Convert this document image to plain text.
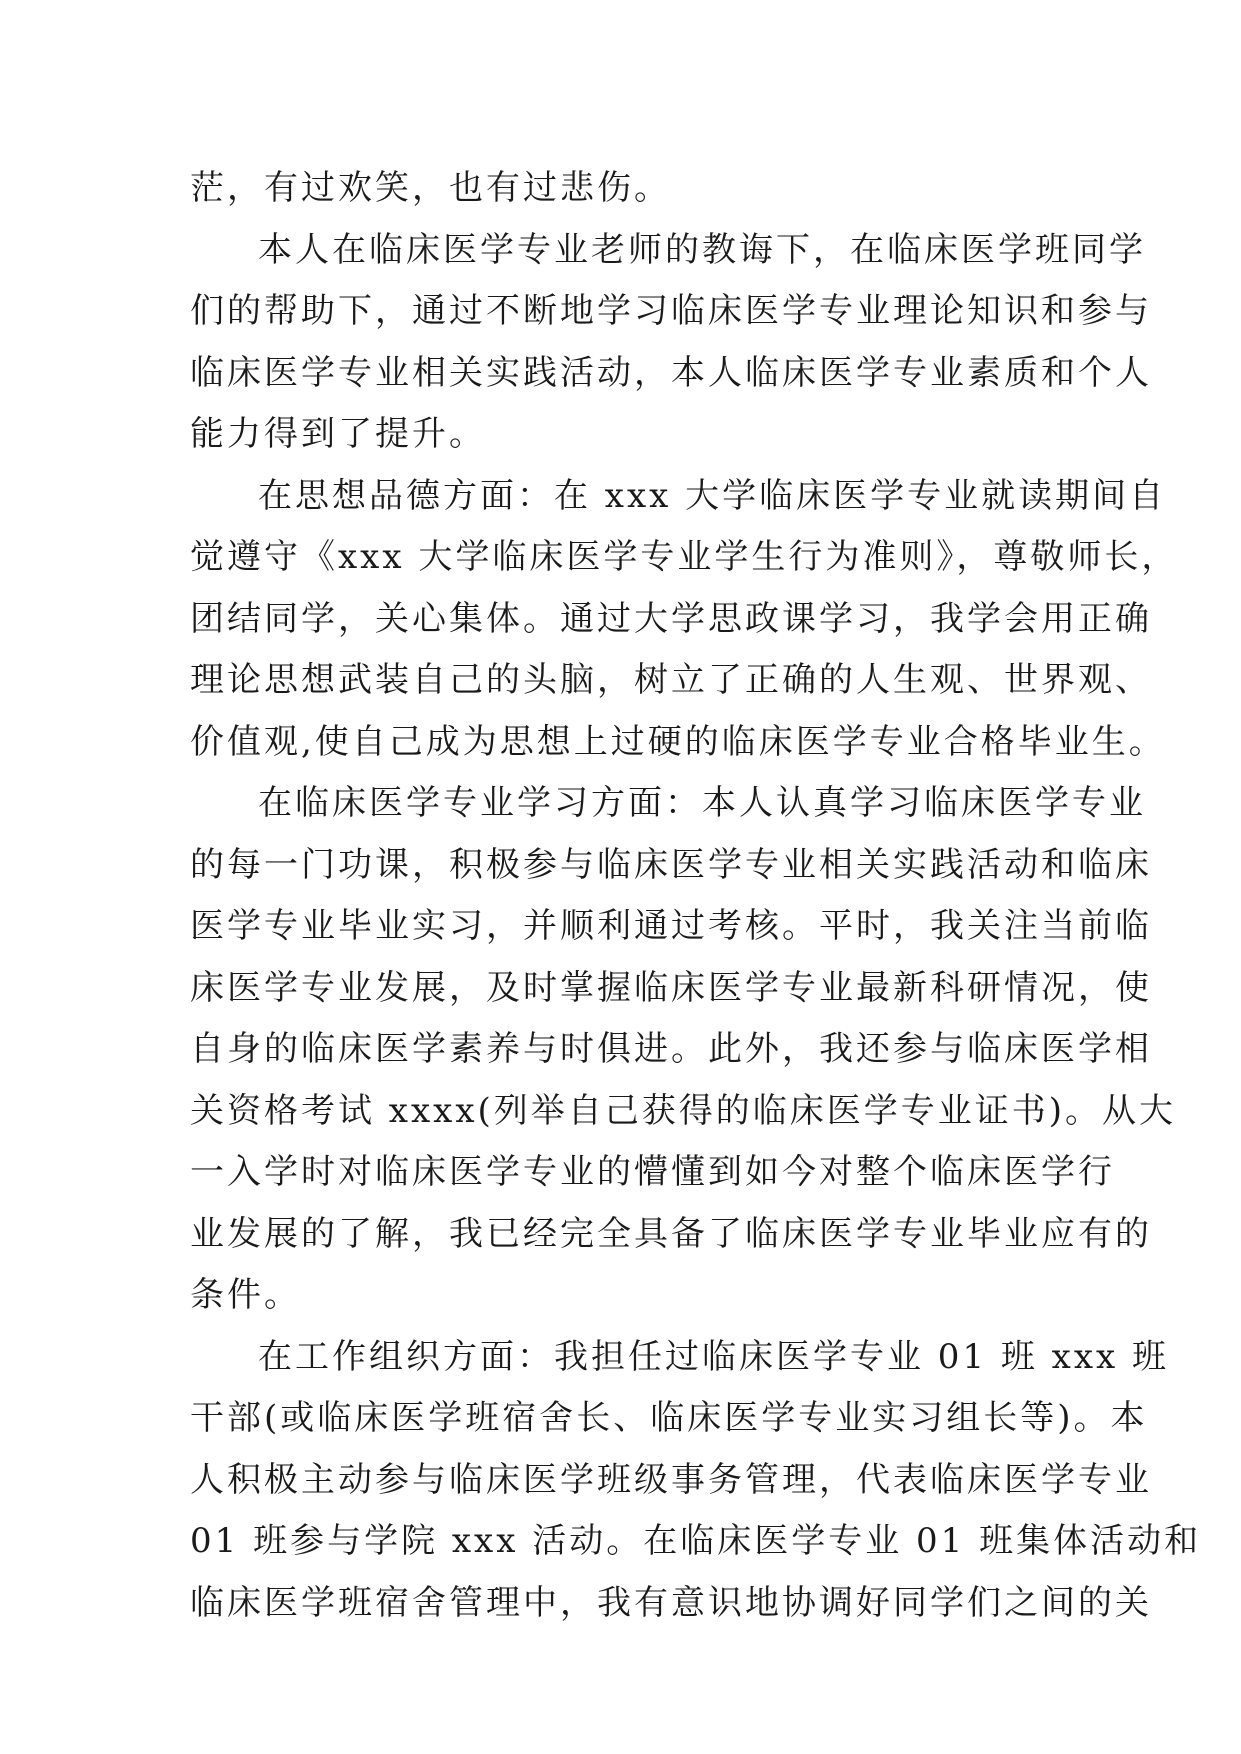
茫，有过欢笑，也有过悲伤。
本人在临床医学专业老师的教诲下，在临床医学班同学
们的帮助下，通过不断地学习临床医学专业理论知识和参与
临床医学专业相关实践活动，本人临床医学专业素质和个人
能力得到了提升。
在思想品德方面：在 xxx 大学临床医学专业就读期间自
觉遵守《xxx 大学临床医学专业学生行为准则》，尊敬师长，
团结同学，关心集体。通过大学思政课学习，我学会用正确
理论思想武装自己的头脑，树立了正确的人生观、世界观、
价值观,使自己成为思想上过硬的临床医学专业合格毕业生。
在临床医学专业学习方面：本人认真学习临床医学专业
的每一门功课，积极参与临床医学专业相关实践活动和临床
医学专业毕业实习，并顺利通过考核。平时，我关注当前临
床医学专业发展，及时掌握临床医学专业最新科研情况，使
自身的临床医学素养与时俱进。此外，我还参与临床医学相
关资格考试 xxxx(列举自己获得的临床医学专业证书)。从大
一入学时对临床医学专业的懵懂到如今对整个临床医学行
业发展的了解，我已经完全具备了临床医学专业毕业应有的
条件。
在工作组织方面：我担任过临床医学专业 01 班 xxx 班
干部(或临床医学班宿舍长、临床医学专业实习组长等)。本
人积极主动参与临床医学班级事务管理，代表临床医学专业
01 班参与学院 xxx 活动。在临床医学专业 01 班集体活动和
临床医学班宿舍管理中，我有意识地协调好同学们之间的关
